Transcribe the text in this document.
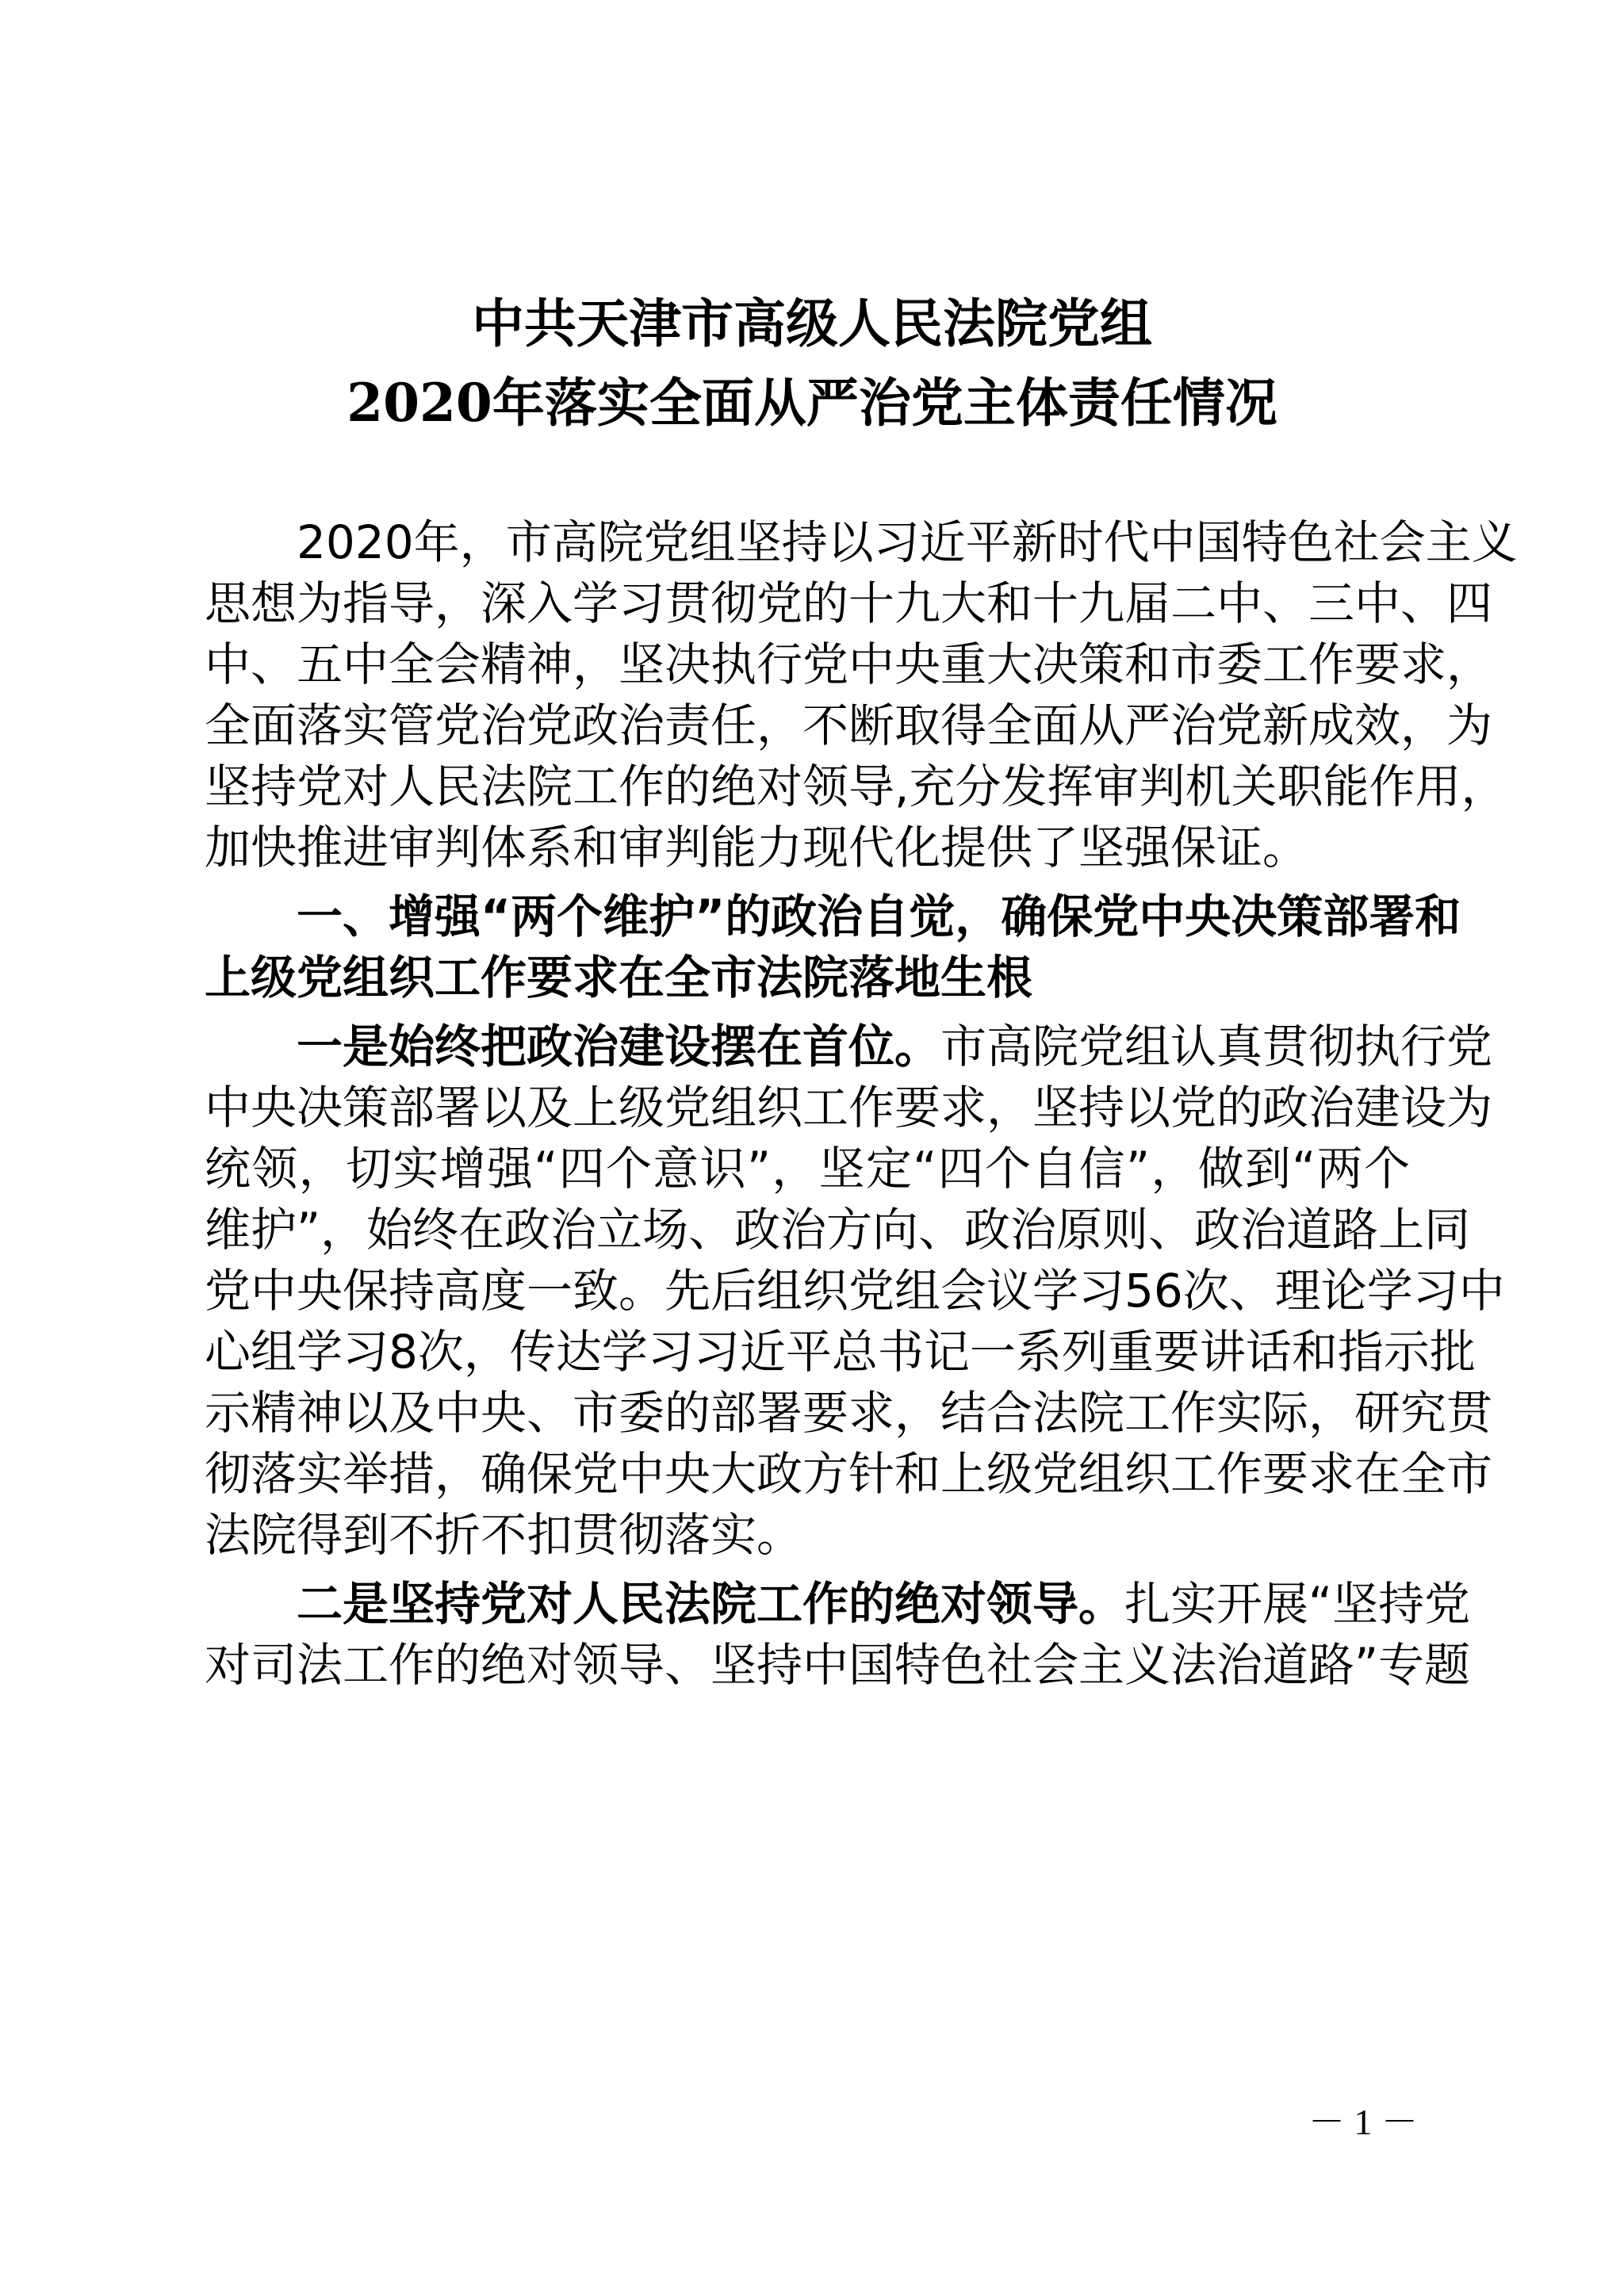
中共天津市高级人民法院党组
2020年落实全面从严治党主体责任情况
2020年，市高院党组坚持以习近平新时代中国特色社会主义
思想为指导，深入学习贯彻党的十九大和十九届二中、三中、四
中、五中全会精神，坚决执行党中央重大决策和市委工作要求，
全面落实管党治党政治责任，不断取得全面从严治党新成效，为
坚持党对人民法院工作的绝对领导,充分发挥审判机关职能作用，
加快推进审判体系和审判能力现代化提供了坚强保证。
一、增强“两个维护”的政治自觉，确保党中央决策部署和
上级党组织工作要求在全市法院落地生根
一是始终把政治建设摆在首位。市高院党组认真贯彻执行党
中央决策部署以及上级党组织工作要求，坚持以党的政治建设为
统领，切实增强“四个意识”，坚定“四个自信”，做到“两个
维护”，始终在政治立场、政治方向、政治原则、政治道路上同
党中央保持高度一致。先后组织党组会议学习56次、理论学习中
心组学习8次，传达学习习近平总书记一系列重要讲话和指示批
示精神以及中央、市委的部署要求，结合法院工作实际，研究贯
彻落实举措，确保党中央大政方针和上级党组织工作要求在全市
法院得到不折不扣贯彻落实。
二是坚持党对人民法院工作的绝对领导。扎实开展“坚持党
对司法工作的绝对领导、坚持中国特色社会主义法治道路”专题
－ 1 －
